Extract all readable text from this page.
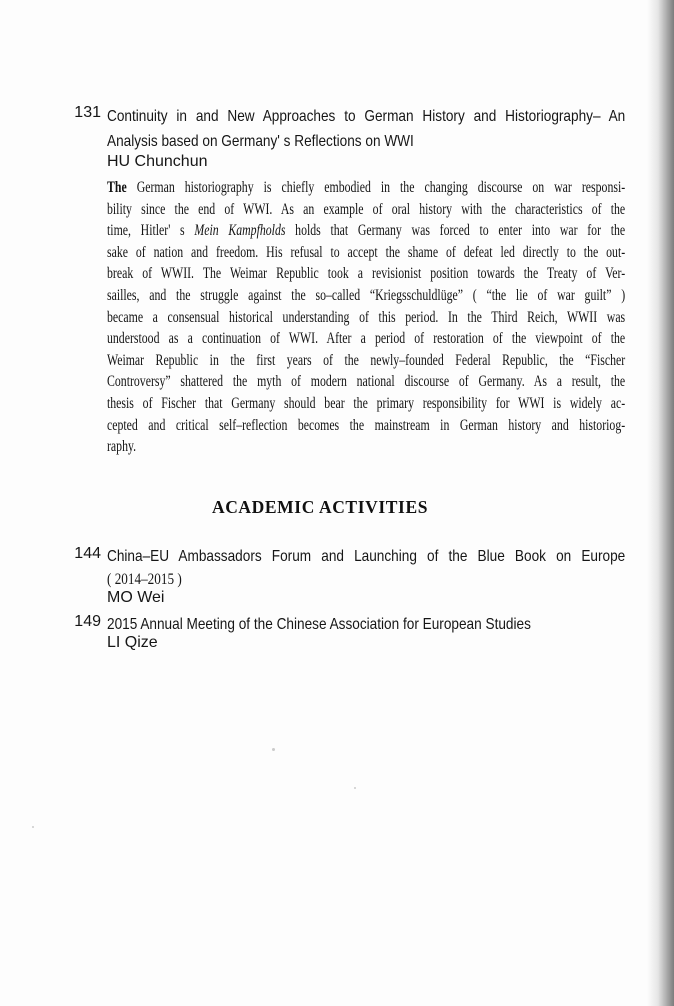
131 Continuity in and New Approaches to German History and Historiography– An
Analysis based on Germany' s Reflections on WWI
HU Chunchun
The German historiography is chiefly embodied in the changing discourse on war responsi-
bility since the end of WWI. As an example of oral history with the characteristics of the
time, Hitler' s Mein Kampfholds holds that Germany was forced to enter into war for the
sake of nation and freedom. His refusal to accept the shame of defeat led directly to the out-
break of WWII. The Weimar Republic took a revisionist position towards the Treaty of Ver-
sailles, and the struggle against the so–called “Kriegsschuldlüge” ( “the lie of war guilt” )
became a consensual historical understanding of this period. In the Third Reich, WWII was
understood as a continuation of WWI. After a period of restoration of the viewpoint of the
Weimar Republic in the first years of the newly–founded Federal Republic, the “Fischer
Controversy” shattered the myth of modern national discourse of Germany. As a result, the
thesis of Fischer that Germany should bear the primary responsibility for WWI is widely ac-
cepted and critical self–reflection becomes the mainstream in German history and historiog-
raphy.
ACADEMIC ACTIVITIES
144 China–EU Ambassadors Forum and Launching of the Blue Book on Europe
( 2014–2015 )
MO Wei
149 2015 Annual Meeting of the Chinese Association for European Studies
LI Qize
